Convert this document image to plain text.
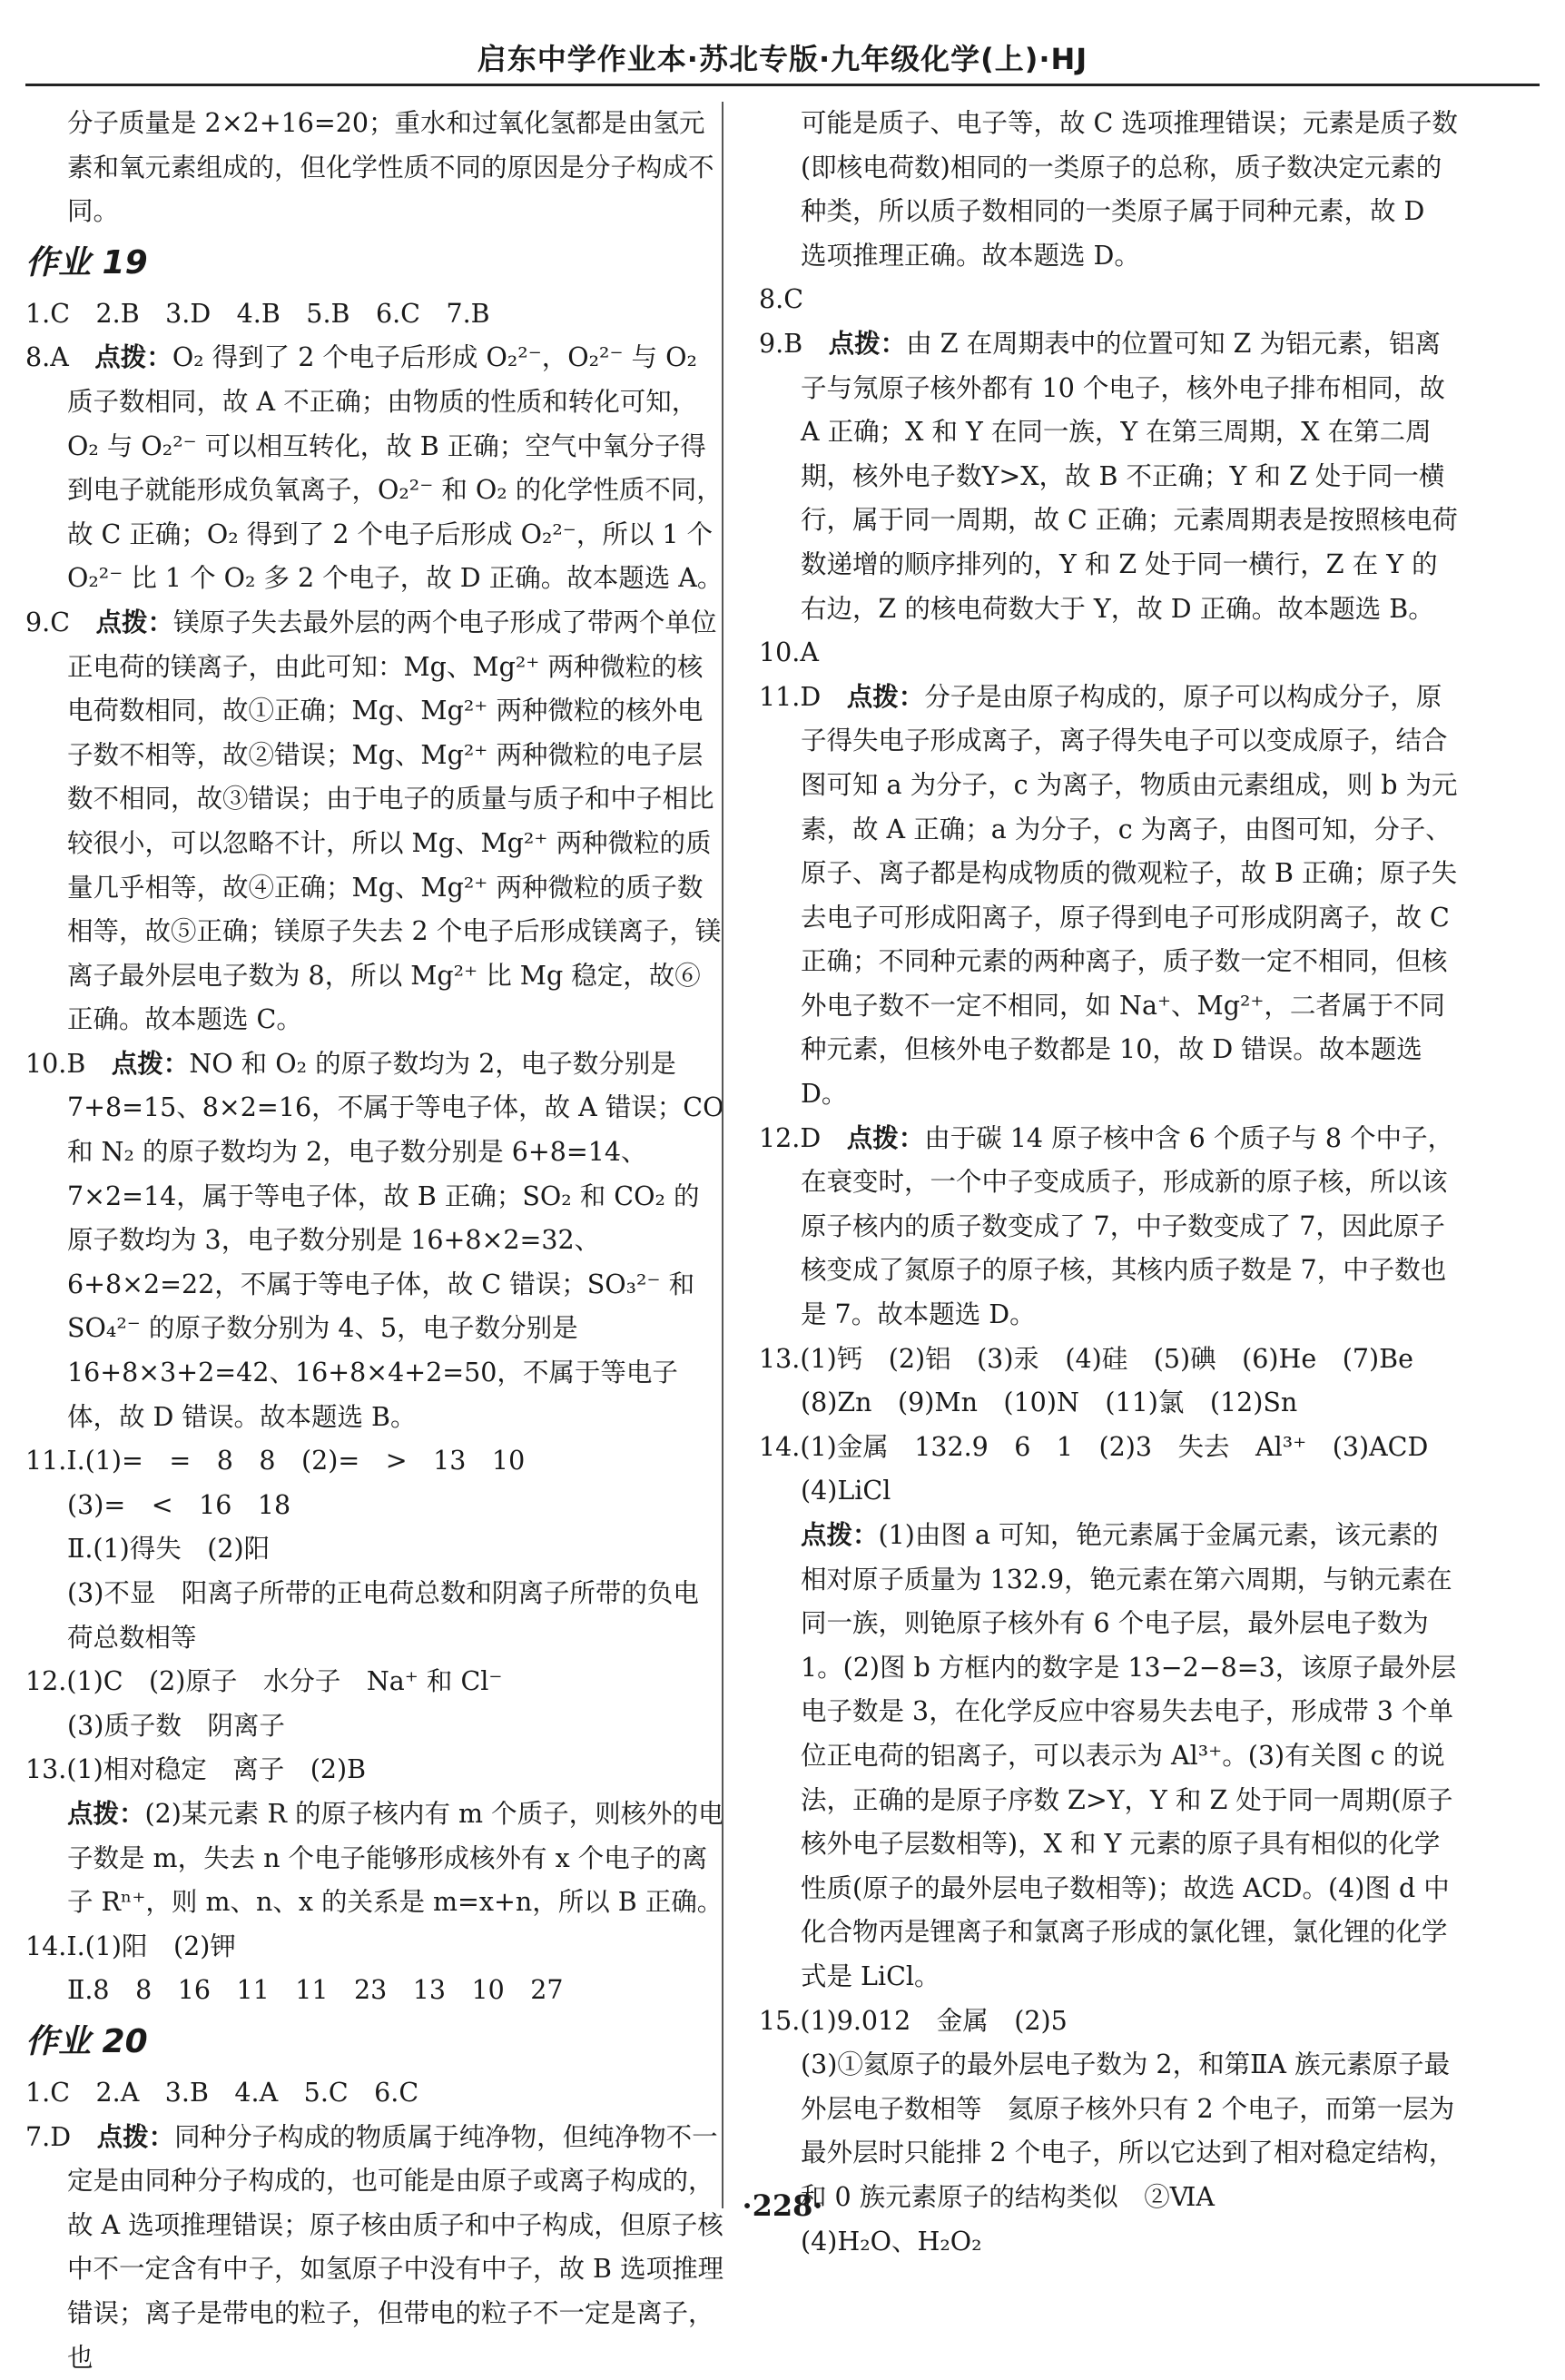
启东中学作业本·苏北专版·九年级化学(上)·HJ
分子质量是 2×2+16=20；重水和过氧化氢都是由氢元素和氧元素组成的，但化学性质不同的原因是分子构成不同。
作业 19
1.C　2.B　3.D　4.B　5.B　6.C　7.B
8.A　 点拨：O₂ 得到了 2 个电子后形成 O₂²⁻，O₂²⁻ 与 O₂ 质子数相同，故 A 不正确；由物质的性质和转化可知，O₂ 与 O₂²⁻ 可以相互转化，故 B 正确；空气中氧分子得到电子就能形成负氧离子，O₂²⁻ 和 O₂ 的化学性质不同，故 C 正确；O₂ 得到了 2 个电子后形成 O₂²⁻，所以 1 个 O₂²⁻ 比 1 个 O₂ 多 2 个电子，故 D 正确。故本题选 A。
9.C　 点拨：镁原子失去最外层的两个电子形成了带两个单位正电荷的镁离子，由此可知：Mg、Mg²⁺ 两种微粒的核电荷数相同，故①正确；Mg、Mg²⁺ 两种微粒的核外电子数不相等，故②错误；Mg、Mg²⁺ 两种微粒的电子层数不相同，故③错误；由于电子的质量与质子和中子相比较很小，可以忽略不计，所以 Mg、Mg²⁺ 两种微粒的质量几乎相等，故④正确；Mg、Mg²⁺ 两种微粒的质子数相等，故⑤正确；镁原子失去 2 个电子后形成镁离子，镁离子最外层电子数为 8，所以 Mg²⁺ 比 Mg 稳定，故⑥正确。故本题选 C。
10.B　 点拨：NO 和 O₂ 的原子数均为 2，电子数分别是 7+8=15、8×2=16，不属于等电子体，故 A 错误；CO 和 N₂ 的原子数均为 2，电子数分别是 6+8=14、7×2=14，属于等电子体，故 B 正确；SO₂ 和 CO₂ 的原子数均为 3，电子数分别是 16+8×2=32、6+8×2=22，不属于等电子体，故 C 错误；SO₃²⁻ 和 SO₄²⁻ 的原子数分别为 4、5，电子数分别是 16+8×3+2=42、16+8×4+2=50，不属于等电子体，故 D 错误。故本题选 B。
11.Ⅰ.(1)=　=　8　8　(2)=　>　13　10
(3)=　<　16　18
Ⅱ.(1)得失　(2)阳
(3)不显　阳离子所带的正电荷总数和阴离子所带的负电荷总数相等
12.(1)C　(2)原子　水分子　Na⁺ 和 Cl⁻
(3)质子数　阴离子
13.(1)相对稳定　离子　(2)B
点拨：(2)某元素 R 的原子核内有 m 个质子，则核外的电子数是 m，失去 n 个电子能够形成核外有 x 个电子的离子 Rⁿ⁺，则 m、n、x 的关系是 m=x+n，所以 B 正确。
14.Ⅰ.(1)阳　(2)钾
Ⅱ.8　8　16　11　11　23　13　10　27
作业 20
1.C　2.A　3.B　4.A　5.C　6.C
7.D　 点拨：同种分子构成的物质属于纯净物，但纯净物不一定是由同种分子构成的，也可能是由原子或离子构成的，故 A 选项推理错误；原子核由质子和中子构成，但原子核中不一定含有中子，如氢原子中没有中子，故 B 选项推理错误；离子是带电的粒子，但带电的粒子不一定是离子，也
可能是质子、电子等，故 C 选项推理错误；元素是质子数(即核电荷数)相同的一类原子的总称，质子数决定元素的种类，所以质子数相同的一类原子属于同种元素，故 D 选项推理正确。故本题选 D。
8.C
9.B　 点拨：由 Z 在周期表中的位置可知 Z 为铝元素，铝离子与氖原子核外都有 10 个电子，核外电子排布相同，故 A 正确；X 和 Y 在同一族，Y 在第三周期，X 在第二周期，核外电子数Y>X，故 B 不正确；Y 和 Z 处于同一横行，属于同一周期，故 C 正确；元素周期表是按照核电荷数递增的顺序排列的，Y 和 Z 处于同一横行，Z 在 Y 的右边，Z 的核电荷数大于 Y，故 D 正确。故本题选 B。
10.A
11.D　 点拨：分子是由原子构成的，原子可以构成分子，原子得失电子形成离子，离子得失电子可以变成原子，结合图可知 a 为分子，c 为离子，物质由元素组成，则 b 为元素，故 A 正确；a 为分子，c 为离子，由图可知，分子、原子、离子都是构成物质的微观粒子，故 B 正确；原子失去电子可形成阳离子，原子得到电子可形成阴离子，故 C 正确；不同种元素的两种离子，质子数一定不相同，但核外电子数不一定不相同，如 Na⁺、Mg²⁺，二者属于不同种元素，但核外电子数都是 10，故 D 错误。故本题选 D。
12.D　 点拨：由于碳 14 原子核中含 6 个质子与 8 个中子，在衰变时，一个中子变成质子，形成新的原子核，所以该原子核内的质子数变成了 7，中子数变成了 7，因此原子核变成了氮原子的原子核，其核内质子数是 7，中子数也是 7。故本题选 D。
13.(1)钙　(2)铝　(3)汞　(4)硅　(5)碘　(6)He　(7)Be
(8)Zn　(9)Mn　(10)N　(11)氯　(12)Sn
14.(1)金属　132.9　6　1　(2)3　失去　Al³⁺　(3)ACD
(4)LiCl
点拨：(1)由图 a 可知，铯元素属于金属元素，该元素的相对原子质量为 132.9，铯元素在第六周期，与钠元素在同一族，则铯原子核外有 6 个电子层，最外层电子数为 1。(2)图 b 方框内的数字是 13−2−8=3，该原子最外层电子数是 3，在化学反应中容易失去电子，形成带 3 个单位正电荷的铝离子，可以表示为 Al³⁺。(3)有关图 c 的说法，正确的是原子序数 Z>Y，Y 和 Z 处于同一周期(原子核外电子层数相等)，X 和 Y 元素的原子具有相似的化学性质(原子的最外层电子数相等)；故选 ACD。(4)图 d 中化合物丙是锂离子和氯离子形成的氯化锂，氯化锂的化学式是 LiCl。
15.(1)9.012　金属　(2)5
(3)①氦原子的最外层电子数为 2，和第ⅡA 族元素原子最外层电子数相等　氦原子核外只有 2 个电子，而第一层为最外层时只能排 2 个电子，所以它达到了相对稳定结构，和 0 族元素原子的结构类似　②ⅥA
(4)H₂O、H₂O₂
·228·
